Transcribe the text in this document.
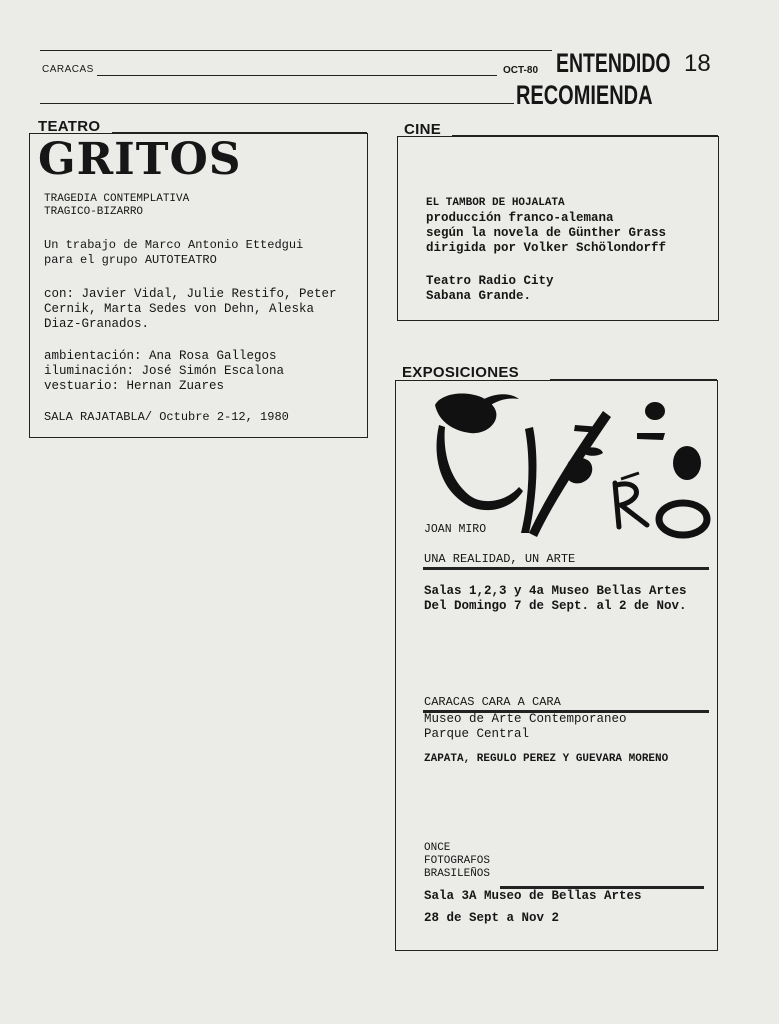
CARACAS	OCT-80 ENTENDIDO 18
RECOMIENDA
TEATRO
GRITOS
TRAGEDIA CONTEMPLATIVA
TRAGICO-BIZARRO
Un trabajo de Marco Antonio Ettedgui
para el grupo AUTOTEATRO
con: Javier Vidal, Julie Restifo, Peter
Cernik, Marta Sedes von Dehn, Aleska
Diaz-Granados.
ambientación: Ana Rosa Gallegos
iluminación: José Simón Escalona
vestuario: Hernan Zuares
SALA RAJATABLA/ Octubre 2-12, 1980
CINE
EL TAMBOR DE HOJALATA
producción franco-alemana
según la novela de Günther Grass
dirigida por Volker Schölondorff
Teatro Radio City
Sabana Grande.
EXPOSICIONES
JOAN MIRO
UNA REALIDAD, UN ARTE
Salas 1,2,3 y 4a Museo Bellas Artes
Del Domingo 7 de Sept. al 2 de Nov.
CARACAS CARA A CARA
Museo de Arte Contemporaneo
Parque Central
ZAPATA, REGULO PEREZ Y GUEVARA MORENO
ONCE
FOTOGRAFOS
BRASILEÑOS
Sala 3A Museo de Bellas Artes
28 de Sept a Nov 2
